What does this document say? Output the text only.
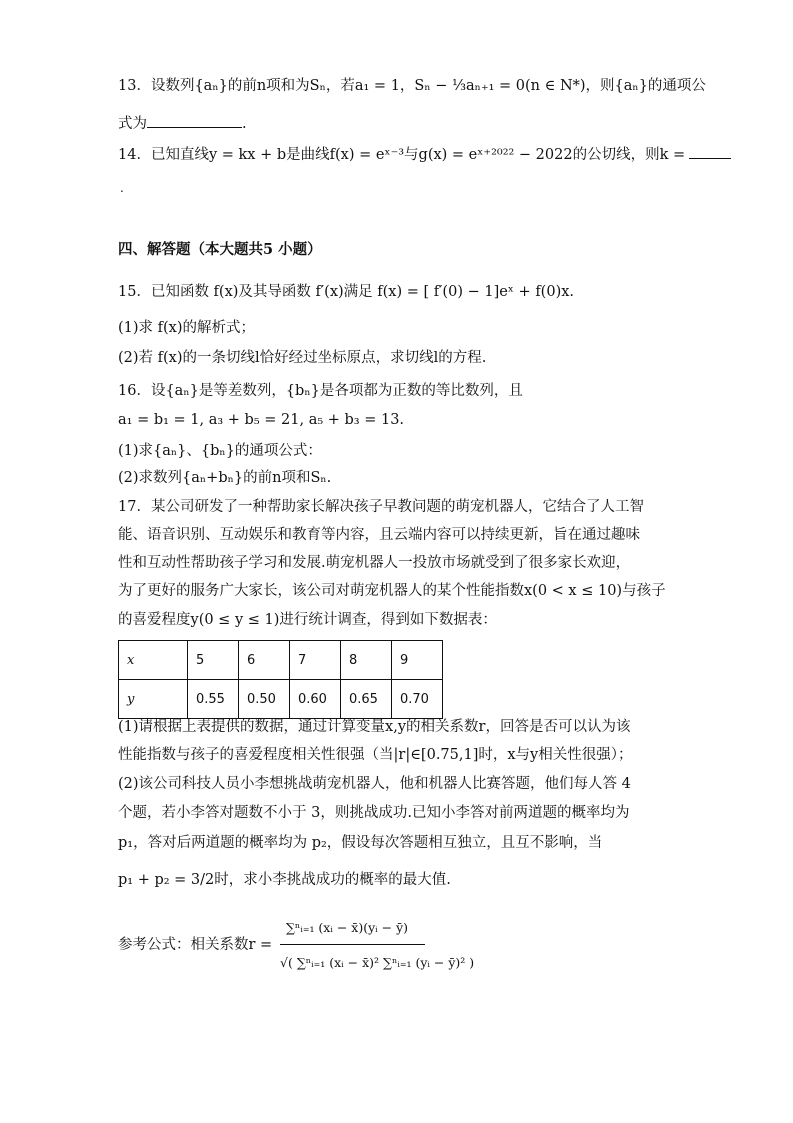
13．设数列{aₙ}的前n项和为Sₙ，若a₁ = 1，Sₙ − ⅓aₙ₊₁ = 0(n ∈ N*)，则{aₙ}的通项公
式为	.
14．已知直线y = kx + b是曲线f(x) = eˣ⁻³与g(x) = eˣ⁺²⁰²² − 2022的公切线，则k =
.
四、解答题（本大题共5 小题）
15．已知函数 f(x)及其导函数 f′(x)满足 f(x) = [ f′(0) − 1]eˣ + f(0)x.
(1)求 f(x)的解析式；
(2)若 f(x)的一条切线l恰好经过坐标原点，求切线l的方程.
16．设{aₙ}是等差数列，{bₙ}是各项都为正数的等比数列，且
a₁ = b₁ = 1, a₃ + b₅ = 21, a₅ + b₃ = 13.
(1)求{aₙ}、{bₙ}的通项公式：
(2)求数列{aₙ+bₙ}的前n项和Sₙ.
17．某公司研发了一种帮助家长解决孩子早教问题的萌宠机器人，它结合了人工智
能、语音识别、互动娱乐和教育等内容，且云端内容可以持续更新，旨在通过趣味
性和互动性帮助孩子学习和发展.萌宠机器人一投放市场就受到了很多家长欢迎，
为了更好的服务广大家长，该公司对萌宠机器人的某个性能指数x(0 < x ≤ 10)与孩子
的喜爱程度y(0 ≤ y ≤ 1)进行统计调查，得到如下数据表：
x	5	6	7	8	9
y	0.55	0.50	0.60	0.65	0.70
(1)请根据上表提供的数据，通过计算变量x,y的相关系数r，回答是否可以认为该
性能指数与孩子的喜爱程度相关性很强（当|r|∈[0.75,1]时，x与y相关性很强）；
(2)该公司科技人员小李想挑战萌宠机器人，他和机器人比赛答题，他们每人答 4
个题，若小李答对题数不小于 3，则挑战成功.已知小李答对前两道题的概率均为
p₁，答对后两道题的概率均为 p₂，假设每次答题相互独立，且互不影响，当
p₁ + p₂ = 3/2时，求小李挑战成功的概率的最大值.
参考公式：相关系数r =
∑ⁿᵢ₌₁ (xᵢ − x̄)(yᵢ − ȳ)
√( ∑ⁿᵢ₌₁ (xᵢ − x̄)² ∑ⁿᵢ₌₁ (yᵢ − ȳ)² )
